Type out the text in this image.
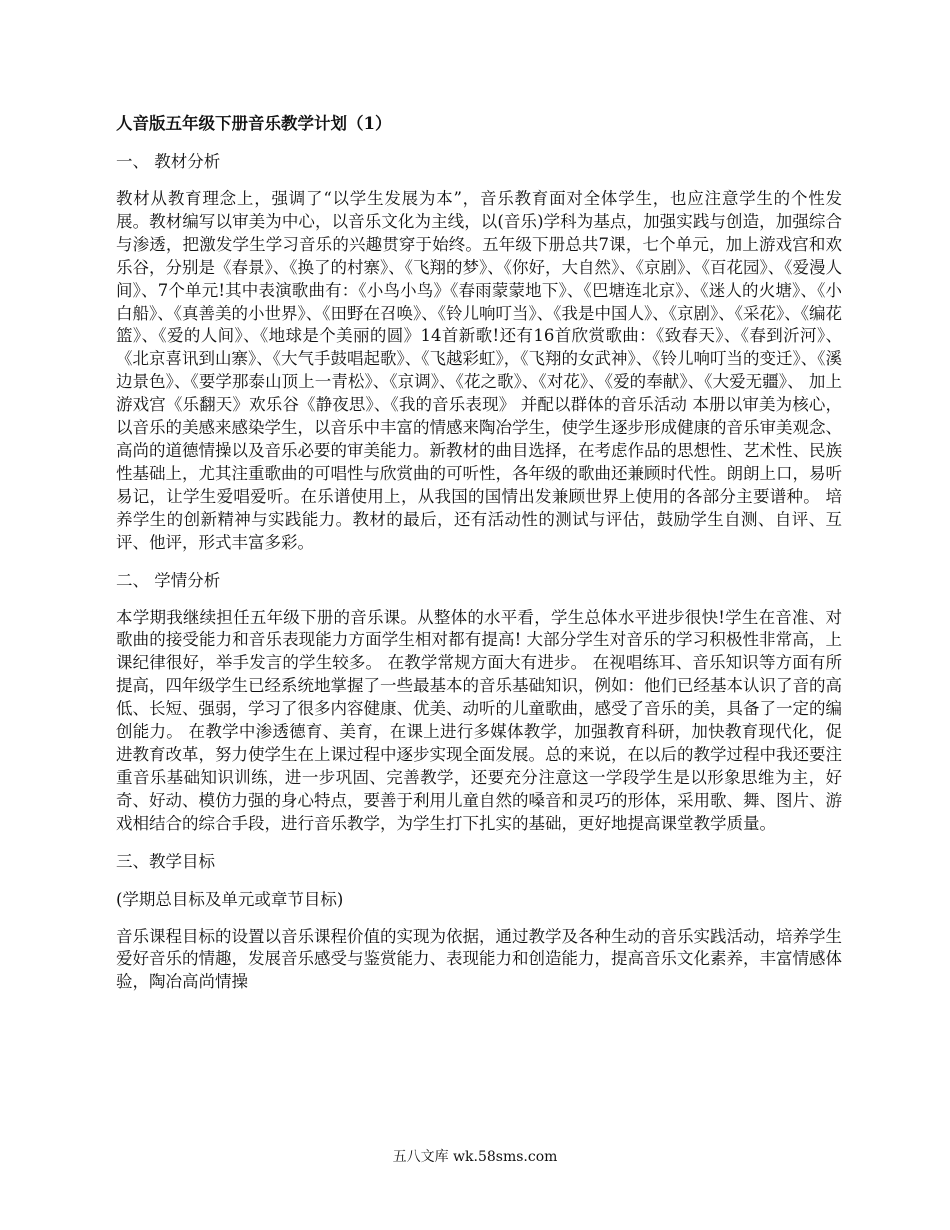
人音版五年级下册音乐教学计划（1）
一、 教材分析

教材从教育理念上，强调了“以学生发展为本”，音乐教育面对全体学生，也应注意学生的个性发展。教材编写以审美为中心，以音乐文化为主线，以(音乐)学科为基点，加强实践与创造，加强综合与渗透，把激发学生学习音乐的兴趣贯穿于始终。五年级下册总共7课，七个单元，加上游戏宫和欢乐谷，分别是《春景》、《换了的村寨》、《飞翔的梦》、《你好，大自然》、《京剧》、《百花园》、《爱漫人间》、7个单元!其中表演歌曲有：《小鸟小鸟》《春雨蒙蒙地下》、《巴塘连北京》、《迷人的火塘》、《小白船》、《真善美的小世界》、《田野在召唤》、《铃儿响叮当》、《我是中国人》、《京剧》、《采花》、《编花篮》、《爱的人间》、《地球是个美丽的圆》14首新歌!还有16首欣赏歌曲：《致春天》、《春到沂河》、《北京喜讯到山寨》、《大气手鼓唱起歌》、《飞越彩虹》，《飞翔的女武神》、《铃儿响叮当的变迁》、《溪边景色》、《要学那泰山顶上一青松》、《京调》、《花之歌》、《对花》、《爱的奉献》、《大爱无疆》、 加上游戏宫《乐翻天》欢乐谷《静夜思》、《我的音乐表现》 并配以群体的音乐活动 本册以审美为核心，以音乐的美感来感染学生，以音乐中丰富的情感来陶冶学生，使学生逐步形成健康的音乐审美观念、高尚的道德情操以及音乐必要的审美能力。新教材的曲目选择，在考虑作品的思想性、艺术性、民族性基础上，尤其注重歌曲的可唱性与欣赏曲的可听性，各年级的歌曲还兼顾时代性。朗朗上口，易听易记，让学生爱唱爱听。在乐谱使用上，从我国的国情出发兼顾世界上使用的各部分主要谱种。 培养学生的创新精神与实践能力。教材的最后，还有活动性的测试与评估，鼓励学生自测、自评、互评、他评，形式丰富多彩。

二、 学情分析

本学期我继续担任五年级下册的音乐课。从整体的水平看，学生总体水平进步很快!学生在音准、对歌曲的接受能力和音乐表现能力方面学生相对都有提高! 大部分学生对音乐的学习积极性非常高，上课纪律很好，举手发言的学生较多。 在教学常规方面大有进步。 在视唱练耳、音乐知识等方面有所提高，四年级学生已经系统地掌握了一些最基本的音乐基础知识，例如：他们已经基本认识了音的高低、长短、强弱，学习了很多内容健康、优美、动听的儿童歌曲，感受了音乐的美，具备了一定的编创能力。 在教学中渗透德育、美育，在课上进行多媒体教学，加强教育科研，加快教育现代化，促进教育改革，努力使学生在上课过程中逐步实现全面发展。总的来说，在以后的教学过程中我还要注重音乐基础知识训练，进一步巩固、完善教学，还要充分注意这一学段学生是以形象思维为主，好奇、好动、模仿力强的身心特点，要善于利用儿童自然的嗓音和灵巧的形体，采用歌、舞、图片、游戏相结合的综合手段，进行音乐教学，为学生打下扎实的基础，更好地提高课堂教学质量。

三、教学目标
(学期总目标及单元或章节目标)

音乐课程目标的设置以音乐课程价值的实现为依据，通过教学及各种生动的音乐实践活动，培养学生爱好音乐的情趣，发展音乐感受与鉴赏能力、表现能力和创造能力，提高音乐文化素养，丰富情感体验，陶冶高尚情操

五八文库 wk.58sms.com
